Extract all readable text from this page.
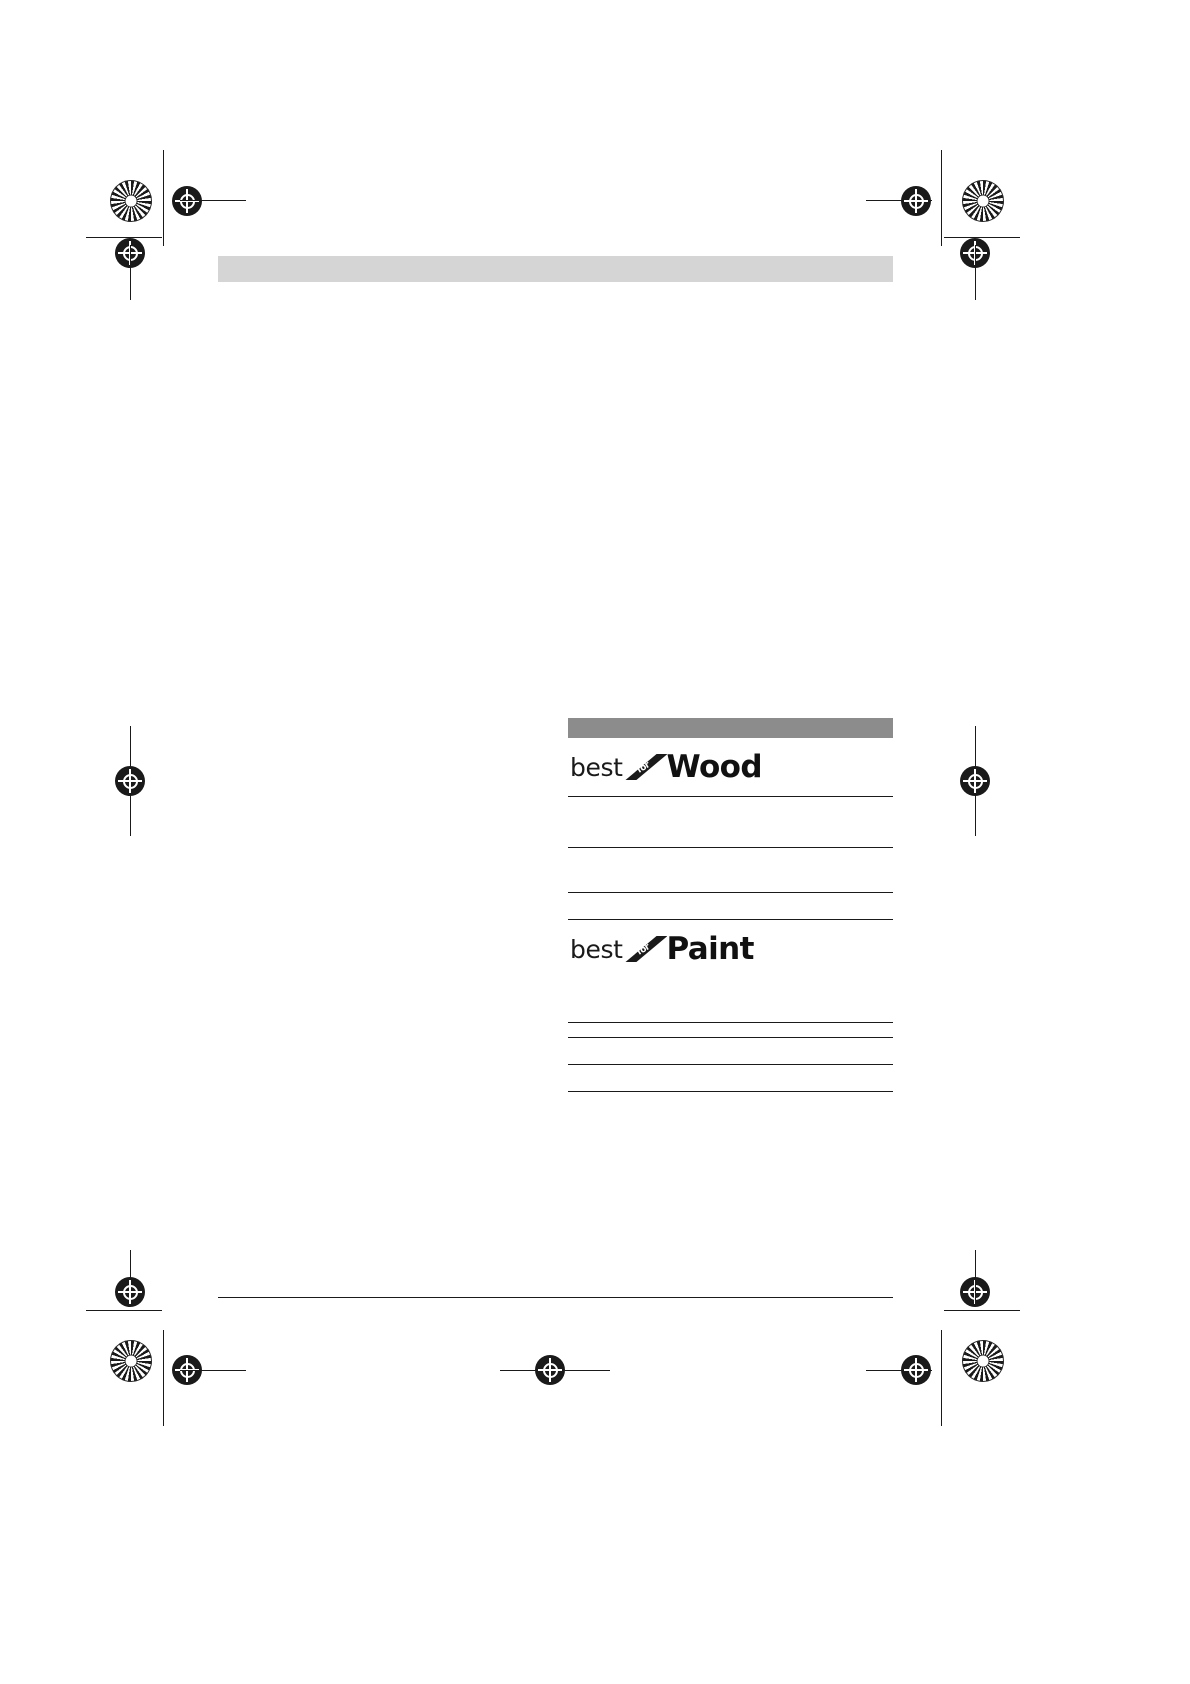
best for Wood
best for Paint
